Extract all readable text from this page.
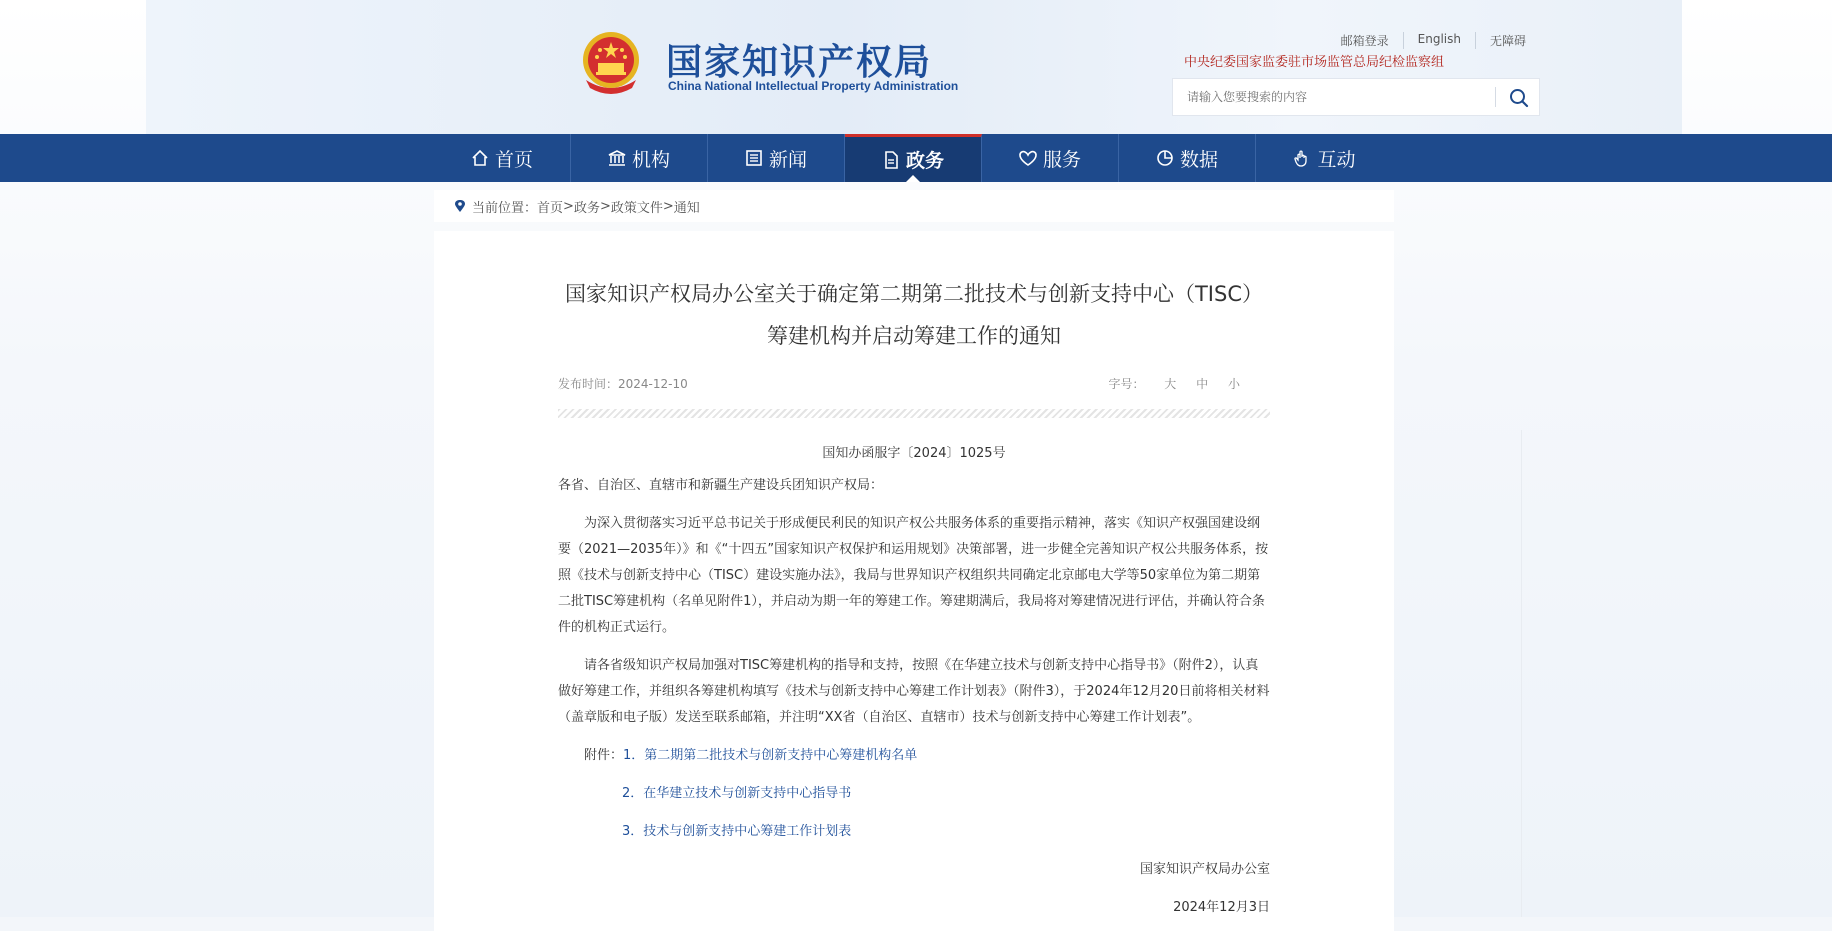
国家知识产权局
China National Intellectual Property Administration
邮箱登录	English	无障碍
中央纪委国家监委驻市场监管总局纪检监察组
请输入您要搜索的内容
首页	机构	新闻	政务	服务	数据	互动
当前位置： 首页 > 政务 > 政策文件 > 通知
国家知识产权局办公室关于确定第二期第二批技术与创新支持中心（TISC）筹建机构并启动筹建工作的通知
发布时间：2024-12-10	字号： 大 中 小
国知办函服字〔2024〕1025号
各省、自治区、直辖市和新疆生产建设兵团知识产权局：
为深入贯彻落实习近平总书记关于形成便民利民的知识产权公共服务体系的重要指示精神，落实《知识产权强国建设纲要（2021—2035年）》和《“十四五”国家知识产权保护和运用规划》决策部署，进一步健全完善知识产权公共服务体系，按照《技术与创新支持中心（TISC）建设实施办法》，我局与世界知识产权组织共同确定北京邮电大学等50家单位为第二期第二批TISC筹建机构（名单见附件1），并启动为期一年的筹建工作。筹建期满后，我局将对筹建情况进行评估，并确认符合条件的机构正式运行。
请各省级知识产权局加强对TISC筹建机构的指导和支持，按照《在华建立技术与创新支持中心指导书》（附件2），认真做好筹建工作，并组织各筹建机构填写《技术与创新支持中心筹建工作计划表》（附件3），于2024年12月20日前将相关材料（盖章版和电子版）发送至联系邮箱，并注明“XX省（自治区、直辖市）技术与创新支持中心筹建工作计划表”。
附件：1．第二期第二批技术与创新支持中心筹建机构名单
2．在华建立技术与创新支持中心指导书
3．技术与创新支持中心筹建工作计划表
国家知识产权局办公室
2024年12月3日
